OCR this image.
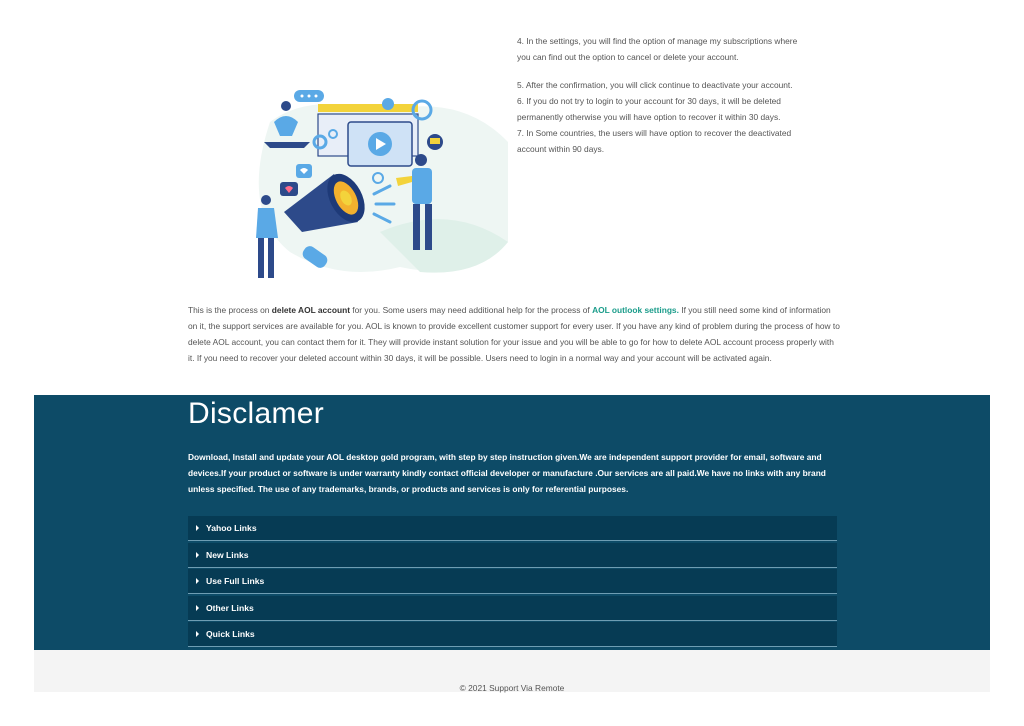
4. In the settings, you will find the option of manage my subscriptions where

you can find out the option to cancel or delete your account.

5. After the confirmation, you will click continue to deactivate your account.

6. If you do not try to login to your account for 30 days, it will be deleted

permanently otherwise you will have option to recover it within 30 days.

7. In Some countries, the users will have option to recover the deactivated

account within 90 days.

This is the process on delete AOL account for you. Some users may need additional help for the process of AOL outlook settings. If you still need some kind of information on it, the support services are available for you. AOL is known to provide excellent customer support for every user. If you have any kind of problem during the process of how to delete AOL account, you can contact them for it. They will provide instant solution for your issue and you will be able to go for how to delete AOL account process properly with it. If you need to recover your deleted account within 30 days, it will be possible. Users need to login in a normal way and your account will be activated again.
Disclamer
Download, Install and update your AOL desktop gold program, with step by step instruction given.We are independent support provider for email, software and devices.If your product or software is under warranty kindly contact official developer or manufacture .Our services are all paid.We have no links with any brand unless specified. The use of any trademarks, brands, or products and services is only for referential purposes.
Yahoo Links
New Links
Use Full Links
Other Links
Quick Links
© 2021 Support Via Remote
